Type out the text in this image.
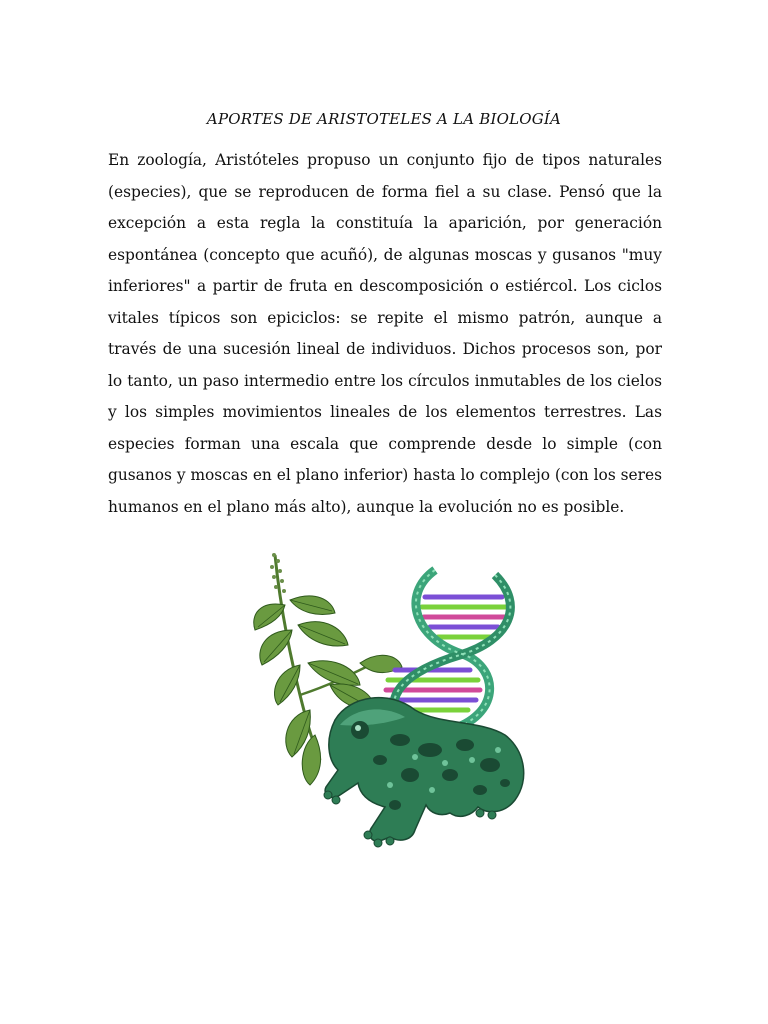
APORTES DE ARISTOTELES A LA BIOLOGÍA

En zoología, Aristóteles propuso un conjunto fijo de tipos naturales (especies), que se reproducen de forma fiel a su clase. Pensó que la excepción a esta regla la constituía la aparición, por generación espontánea (concepto que acuñó), de algunas moscas y gusanos "muy inferiores" a partir de fruta en descomposición o estiércol. Los ciclos vitales típicos son epiciclos: se repite el mismo patrón, aunque a través de una sucesión lineal de individuos. Dichos procesos son, por lo tanto, un paso intermedio entre los círculos inmutables de los cielos y los simples movimientos lineales de los elementos terrestres. Las especies forman una escala que comprende desde lo simple (con gusanos y moscas en el plano inferior) hasta lo complejo (con los seres humanos en el plano más alto), aunque la evolución no es posible.
